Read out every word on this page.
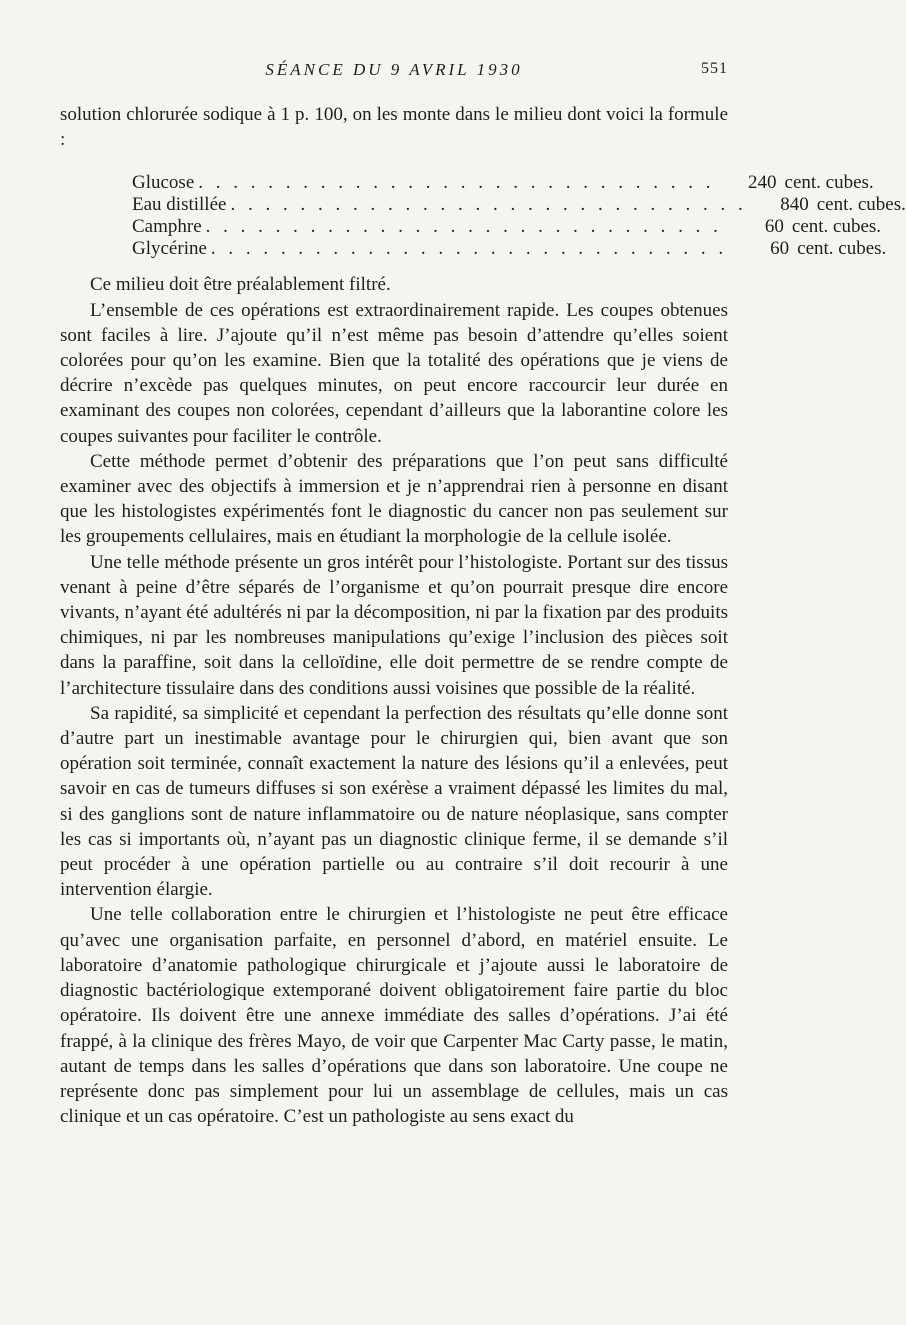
SÉANCE DU 9 AVRIL 1930	551

solution chlorurée sodique à 1 p. 100, on les monte dans le milieu dont voici la formule :

Glucose . . . . . . . . . . . . . . . . . . . . . . . . . . . . . .	240 cent. cubes.
Eau distillée . . . . . . . . . . . . . . . . . . . . . . . . . . . . . .	840 cent. cubes.
Camphre . . . . . . . . . . . . . . . . . . . . . . . . . . . . . .	60 cent. cubes.
Glycérine . . . . . . . . . . . . . . . . . . . . . . . . . . . . . .	60 cent. cubes.

Ce milieu doit être préalablement filtré.

L’ensemble de ces opérations est extraordinairement rapide. Les coupes obtenues sont faciles à lire. J’ajoute qu’il n’est même pas besoin d’attendre qu’elles soient colorées pour qu’on les examine. Bien que la totalité des opérations que je viens de décrire n’excède pas quelques minutes, on peut encore raccourcir leur durée en examinant des coupes non colorées, cependant d’ailleurs que la laborantine colore les coupes suivantes pour faciliter le contrôle.

Cette méthode permet d’obtenir des préparations que l’on peut sans difficulté examiner avec des objectifs à immersion et je n’apprendrai rien à personne en disant que les histologistes expérimentés font le diagnostic du cancer non pas seulement sur les groupements cellulaires, mais en étudiant la morphologie de la cellule isolée.

Une telle méthode présente un gros intérêt pour l’histologiste. Portant sur des tissus venant à peine d’être séparés de l’organisme et qu’on pourrait presque dire encore vivants, n’ayant été adultérés ni par la décomposition, ni par la fixation par des produits chimiques, ni par les nombreuses manipulations qu’exige l’inclusion des pièces soit dans la paraffine, soit dans la celloïdine, elle doit permettre de se rendre compte de l’architecture tissulaire dans des conditions aussi voisines que possible de la réalité.

Sa rapidité, sa simplicité et cependant la perfection des résultats qu’elle donne sont d’autre part un inestimable avantage pour le chirurgien qui, bien avant que son opération soit terminée, connaît exactement la nature des lésions qu’il a enlevées, peut savoir en cas de tumeurs diffuses si son exérèse a vraiment dépassé les limites du mal, si des ganglions sont de nature inflammatoire ou de nature néoplasique, sans compter les cas si importants où, n’ayant pas un diagnostic clinique ferme, il se demande s’il peut procéder à une opération partielle ou au contraire s’il doit recourir à une intervention élargie.

Une telle collaboration entre le chirurgien et l’histologiste ne peut être efficace qu’avec une organisation parfaite, en personnel d’abord, en matériel ensuite. Le laboratoire d’anatomie pathologique chirurgicale et j’ajoute aussi le laboratoire de diagnostic bactériologique extemporané doivent obligatoirement faire partie du bloc opératoire. Ils doivent être une annexe immédiate des salles d’opérations. J’ai été frappé, à la clinique des frères Mayo, de voir que Carpenter Mac Carty passe, le matin, autant de temps dans les salles d’opérations que dans son laboratoire. Une coupe ne représente donc pas simplement pour lui un assemblage de cellules, mais un cas clinique et un cas opératoire. C’est un pathologiste au sens exact du
